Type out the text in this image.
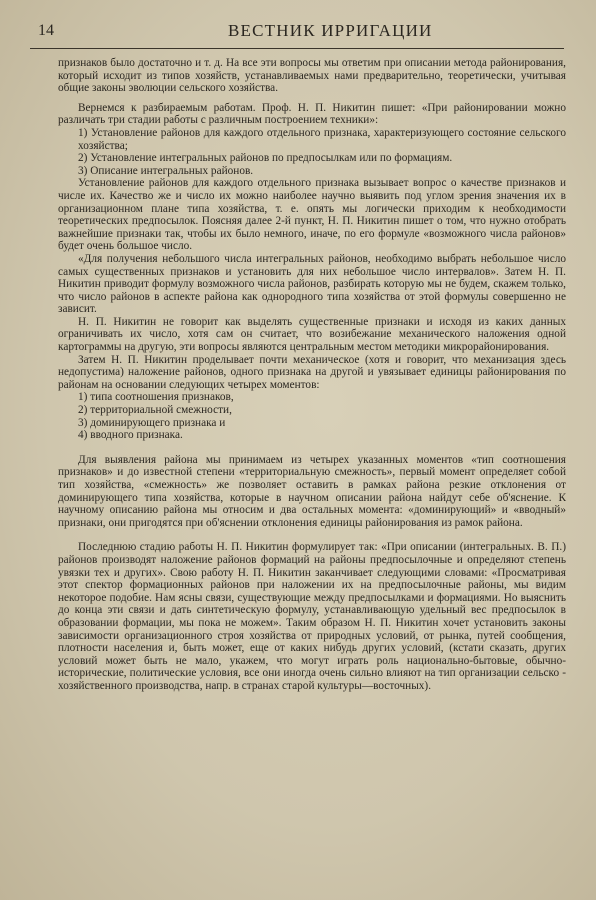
14	ВЕСТНИК ИРРИГАЦИИ

признаков было достаточно и т. д. На все эти вопросы мы ответим при описании метода районирования, который исходит из типов хозяйств, устанавливаемых нами предварительно, теоретически, учитывая общие законы эволюции сельского хозяйства.

Вернемся к разбираемым работам. Проф. Н. П. Никитин пишет: «При районировании можно различать три стадии работы с различным построением техники»:

1) Установление районов для каждого отдельного признака, характеризующего состояние сельского хозяйства;
2) Установление интегральных районов по предпосылкам или по формациям.
3) Описание интегральных районов.

Установление районов для каждого отдельного признака вызывает вопрос о качестве признаков и числе их. Качество же и число их можно наиболее научно выявить под углом зрения значения их в организационном плане типа хозяйства, т. е. опять мы логически приходим к необходимости теоретических предпосылок. Поясняя далее 2-й пункт, Н. П. Никитин пишет о том, что нужно отобрать важнейшие признаки так, чтобы их было немного, иначе, по его формуле «возможного числа районов» будет очень большое число.

«Для получения небольшого числа интегральных районов, необходимо выбрать небольшое число самых существенных признаков и установить для них небольшое число интервалов». Затем Н. П. Никитин приводит формулу возможного числа районов, разбирать которую мы не будем, скажем только, что число районов в аспекте района как однородного типа хозяйства от этой формулы совершенно не зависит.

Н. П. Никитин не говорит как выделять существенные признаки и исходя из каких данных ограничивать их число, хотя сам он считает, что возибежание механического наложения одной картограммы на другую, эти вопросы являются центральным местом методики микрорайонирования.

Затем Н. П. Никитин проделывает почти механическое (хотя и говорит, что механизация здесь недопустима) наложение районов, одного признака на другой и увязывает единицы районирования по районам на основании следующих четырех моментов:

1) типа соотношения признаков,
2) территориальной смежности,
3) доминирующего признака и
4) вводного признака.

Для выявления района мы принимаем из четырех указанных моментов «тип соотношения признаков» и до известной степени «территориальную смежность», первый момент определяет собой тип хозяйства, «смежность» же позволяет оставить в рамках района резкие отклонения от доминирующего типа хозяйства, которые в научном описании района найдут себе об'яснение. К научному описанию района мы относим и два остальных момента: «доминирующий» и «вводный» признаки, они пригодятся при об'яснении отклонения единицы районирования из рамок района.

Последнюю стадию работы Н. П. Никитин формулирует так: «При описании (интегральных. В. П.) районов производят наложение районов формаций на районы предпосылочные и определяют степень увязки тех и других». Свою работу Н. П. Никитин заканчивает следующими словами: «Просматривая этот спектор формационных районов при наложении их на предпосылочные районы, мы видим некоторое подобие. Нам ясны связи, существующие между предпосылками и формациями. Но выяснить до конца эти связи и дать синтетическую формулу, устанавливающую удельный вес предпосылок в образовании формации, мы пока не можем». Таким образом Н. П. Никитин хочет установить законы зависимости организационного строя хозяйства от природных условий, от рынка, путей сообщения, плотности населения и, быть может, еще от каких нибудь других условий, (кстати сказать, других условий может быть не мало, укажем, что могут играть роль национально-бытовые, обычно-исторические, политические условия, все они иногда очень сильно влияют на тип организации сельско - хозяйственного производства, напр. в странах старой культуры—восточных).
